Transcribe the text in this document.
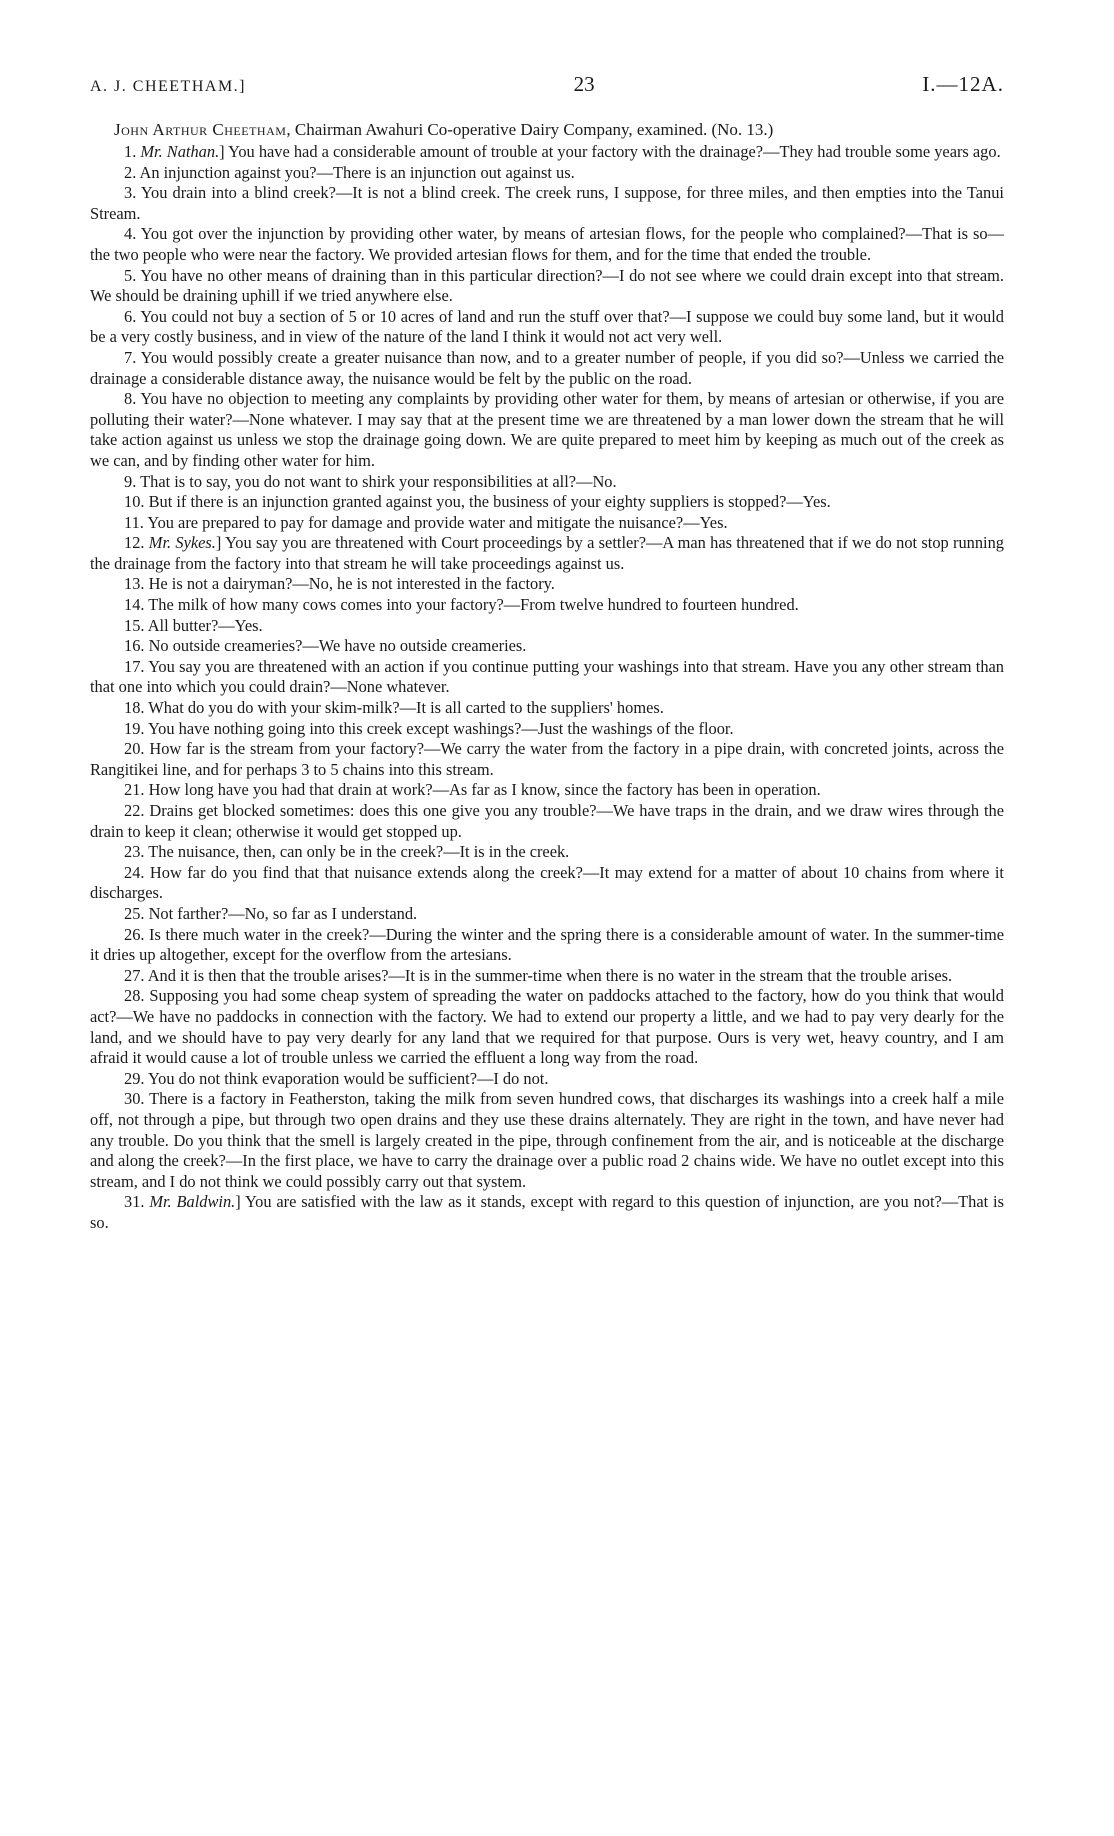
A. J. CHEETHAM.]	23	I.—12A.

John Arthur Cheetham, Chairman Awahuri Co-operative Dairy Company, examined. (No. 13.)

1. Mr. Nathan.] You have had a considerable amount of trouble at your factory with the drainage?—They had trouble some years ago.

2. An injunction against you?—There is an injunction out against us.

3. You drain into a blind creek?—It is not a blind creek. The creek runs, I suppose, for three miles, and then empties into the Tanui Stream.

4. You got over the injunction by providing other water, by means of artesian flows, for the people who complained?—That is so—the two people who were near the factory. We provided artesian flows for them, and for the time that ended the trouble.

5. You have no other means of draining than in this particular direction?—I do not see where we could drain except into that stream. We should be draining uphill if we tried anywhere else.

6. You could not buy a section of 5 or 10 acres of land and run the stuff over that?—I suppose we could buy some land, but it would be a very costly business, and in view of the nature of the land I think it would not act very well.

7. You would possibly create a greater nuisance than now, and to a greater number of people, if you did so?—Unless we carried the drainage a considerable distance away, the nuisance would be felt by the public on the road.

8. You have no objection to meeting any complaints by providing other water for them, by means of artesian or otherwise, if you are polluting their water?—None whatever. I may say that at the present time we are threatened by a man lower down the stream that he will take action against us unless we stop the drainage going down. We are quite prepared to meet him by keeping as much out of the creek as we can, and by finding other water for him.

9. That is to say, you do not want to shirk your responsibilities at all?—No.

10. But if there is an injunction granted against you, the business of your eighty suppliers is stopped?—Yes.

11. You are prepared to pay for damage and provide water and mitigate the nuisance?—Yes.

12. Mr. Sykes.] You say you are threatened with Court proceedings by a settler?—A man has threatened that if we do not stop running the drainage from the factory into that stream he will take proceedings against us.

13. He is not a dairyman?—No, he is not interested in the factory.

14. The milk of how many cows comes into your factory?—From twelve hundred to fourteen hundred.

15. All butter?—Yes.

16. No outside creameries?—We have no outside creameries.

17. You say you are threatened with an action if you continue putting your washings into that stream. Have you any other stream than that one into which you could drain?—None whatever.

18. What do you do with your skim-milk?—It is all carted to the suppliers' homes.

19. You have nothing going into this creek except washings?—Just the washings of the floor.

20. How far is the stream from your factory?—We carry the water from the factory in a pipe drain, with concreted joints, across the Rangitikei line, and for perhaps 3 to 5 chains into this stream.

21. How long have you had that drain at work?—As far as I know, since the factory has been in operation.

22. Drains get blocked sometimes: does this one give you any trouble?—We have traps in the drain, and we draw wires through the drain to keep it clean; otherwise it would get stopped up.

23. The nuisance, then, can only be in the creek?—It is in the creek.

24. How far do you find that that nuisance extends along the creek?—It may extend for a matter of about 10 chains from where it discharges.

25. Not farther?—No, so far as I understand.

26. Is there much water in the creek?—During the winter and the spring there is a considerable amount of water. In the summer-time it dries up altogether, except for the overflow from the artesians.

27. And it is then that the trouble arises?—It is in the summer-time when there is no water in the stream that the trouble arises.

28. Supposing you had some cheap system of spreading the water on paddocks attached to the factory, how do you think that would act?—We have no paddocks in connection with the factory. We had to extend our property a little, and we had to pay very dearly for the land, and we should have to pay very dearly for any land that we required for that purpose. Ours is very wet, heavy country, and I am afraid it would cause a lot of trouble unless we carried the effluent a long way from the road.

29. You do not think evaporation would be sufficient?—I do not.

30. There is a factory in Featherston, taking the milk from seven hundred cows, that discharges its washings into a creek half a mile off, not through a pipe, but through two open drains and they use these drains alternately. They are right in the town, and have never had any trouble. Do you think that the smell is largely created in the pipe, through confinement from the air, and is noticeable at the discharge and along the creek?—In the first place, we have to carry the drainage over a public road 2 chains wide. We have no outlet except into this stream, and I do not think we could possibly carry out that system.

31. Mr. Baldwin.] You are satisfied with the law as it stands, except with regard to this question of injunction, are you not?—That is so.
